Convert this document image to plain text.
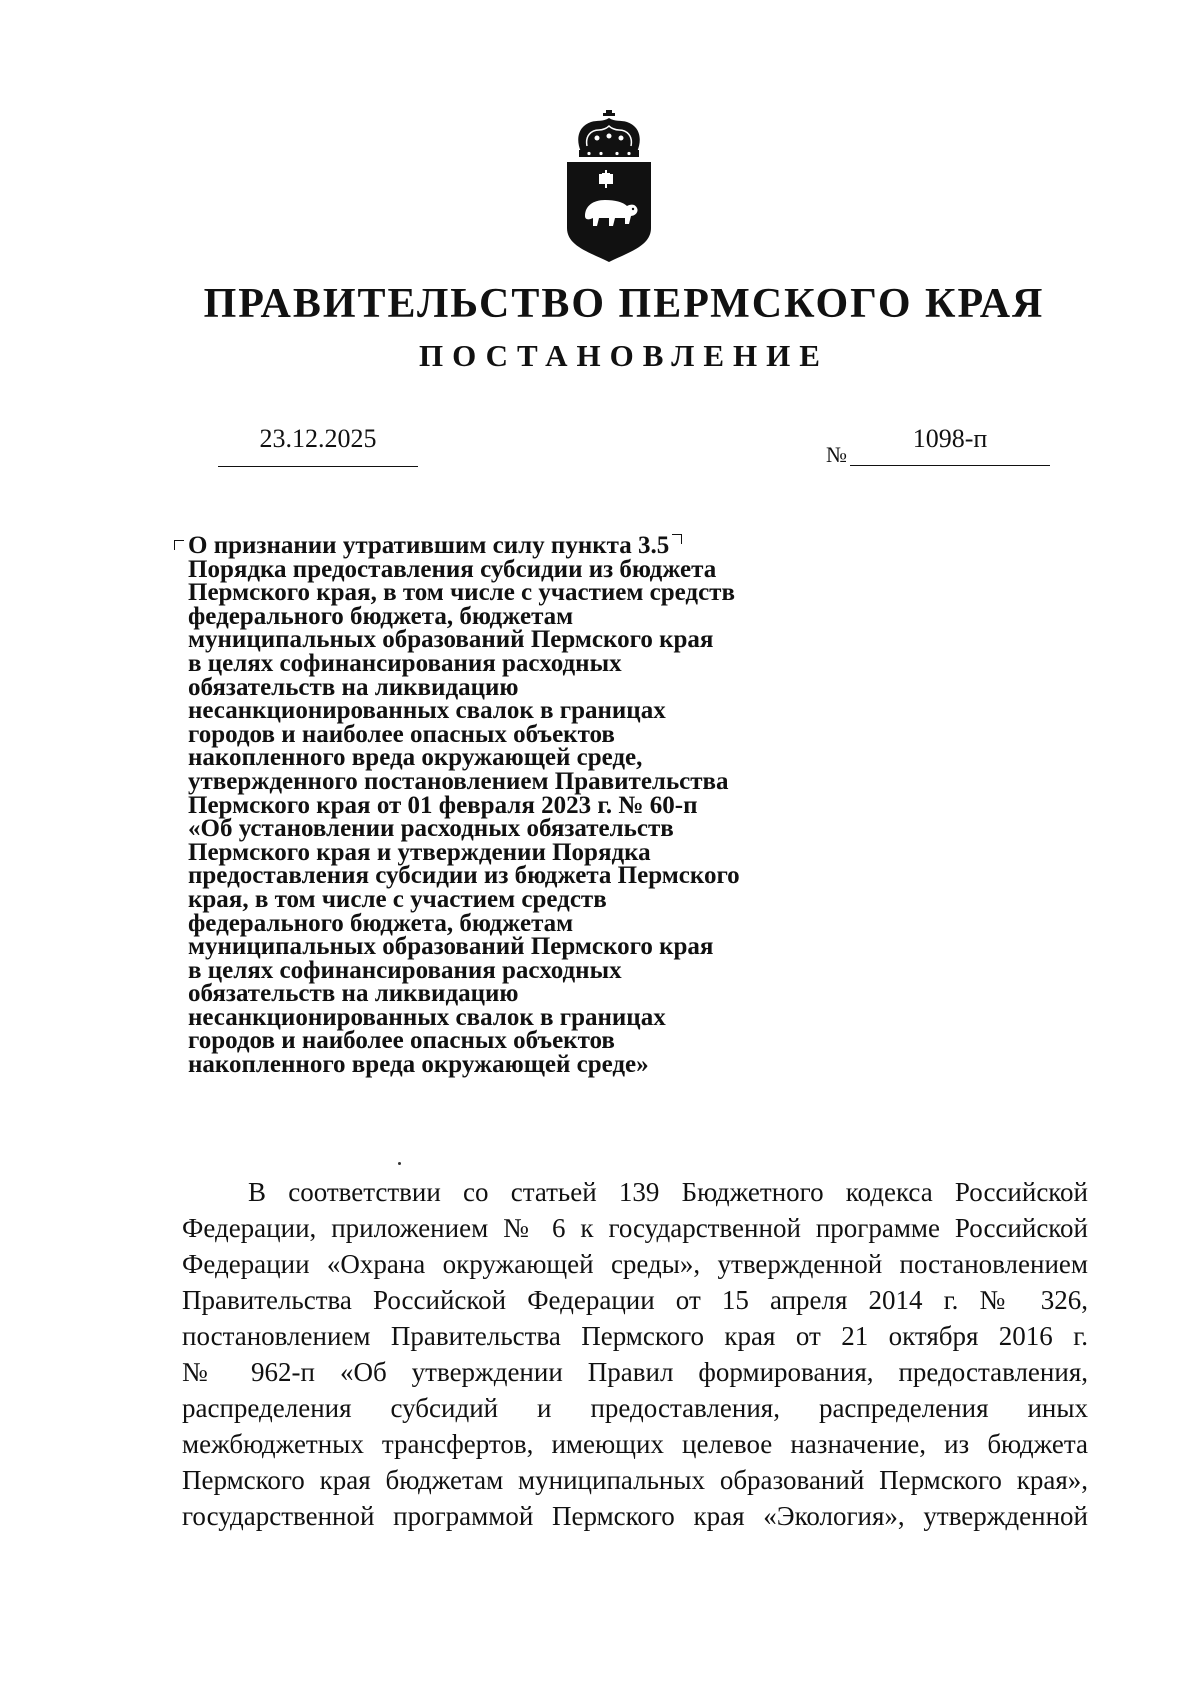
ПРАВИТЕЛЬСТВО ПЕРМСКОГО КРАЯ
ПОСТАНОВЛЕНИЕ
23.12.2025
№
1098-п
О признании утратившим силу пункта 3.5
Порядка предоставления субсидии из бюджета
Пермского края, в том числе с участием средств
федерального бюджета, бюджетам
муниципальных образований Пермского края
в целях софинансирования расходных
обязательств на ликвидацию
несанкционированных свалок в границах
городов и наиболее опасных объектов
накопленного вреда окружающей среде,
утвержденного постановлением Правительства
Пермского края от 01 февраля 2023 г. № 60-п
«Об установлении расходных обязательств
Пермского края и утверждении Порядка
предоставления субсидии из бюджета Пермского
края, в том числе с участием средств
федерального бюджета, бюджетам
муниципальных образований Пермского края
в целях софинансирования расходных
обязательств на ликвидацию
несанкционированных свалок в границах
городов и наиболее опасных объектов
накопленного вреда окружающей среде»
В соответствии со статьей 139 Бюджетного кодекса Российской
Федерации, приложением № 6 к государственной программе Российской
Федерации «Охрана окружающей среды», утвержденной постановлением
Правительства Российской Федерации от 15 апреля 2014 г. № 326,
постановлением Правительства Пермского края от 21 октября 2016 г.
№ 962-п «Об утверждении Правил формирования, предоставления,
распределения субсидий и предоставления, распределения иных
межбюджетных трансфертов, имеющих целевое назначение, из бюджета
Пермского края бюджетам муниципальных образований Пермского края»,
государственной программой Пермского края «Экология», утвержденной
